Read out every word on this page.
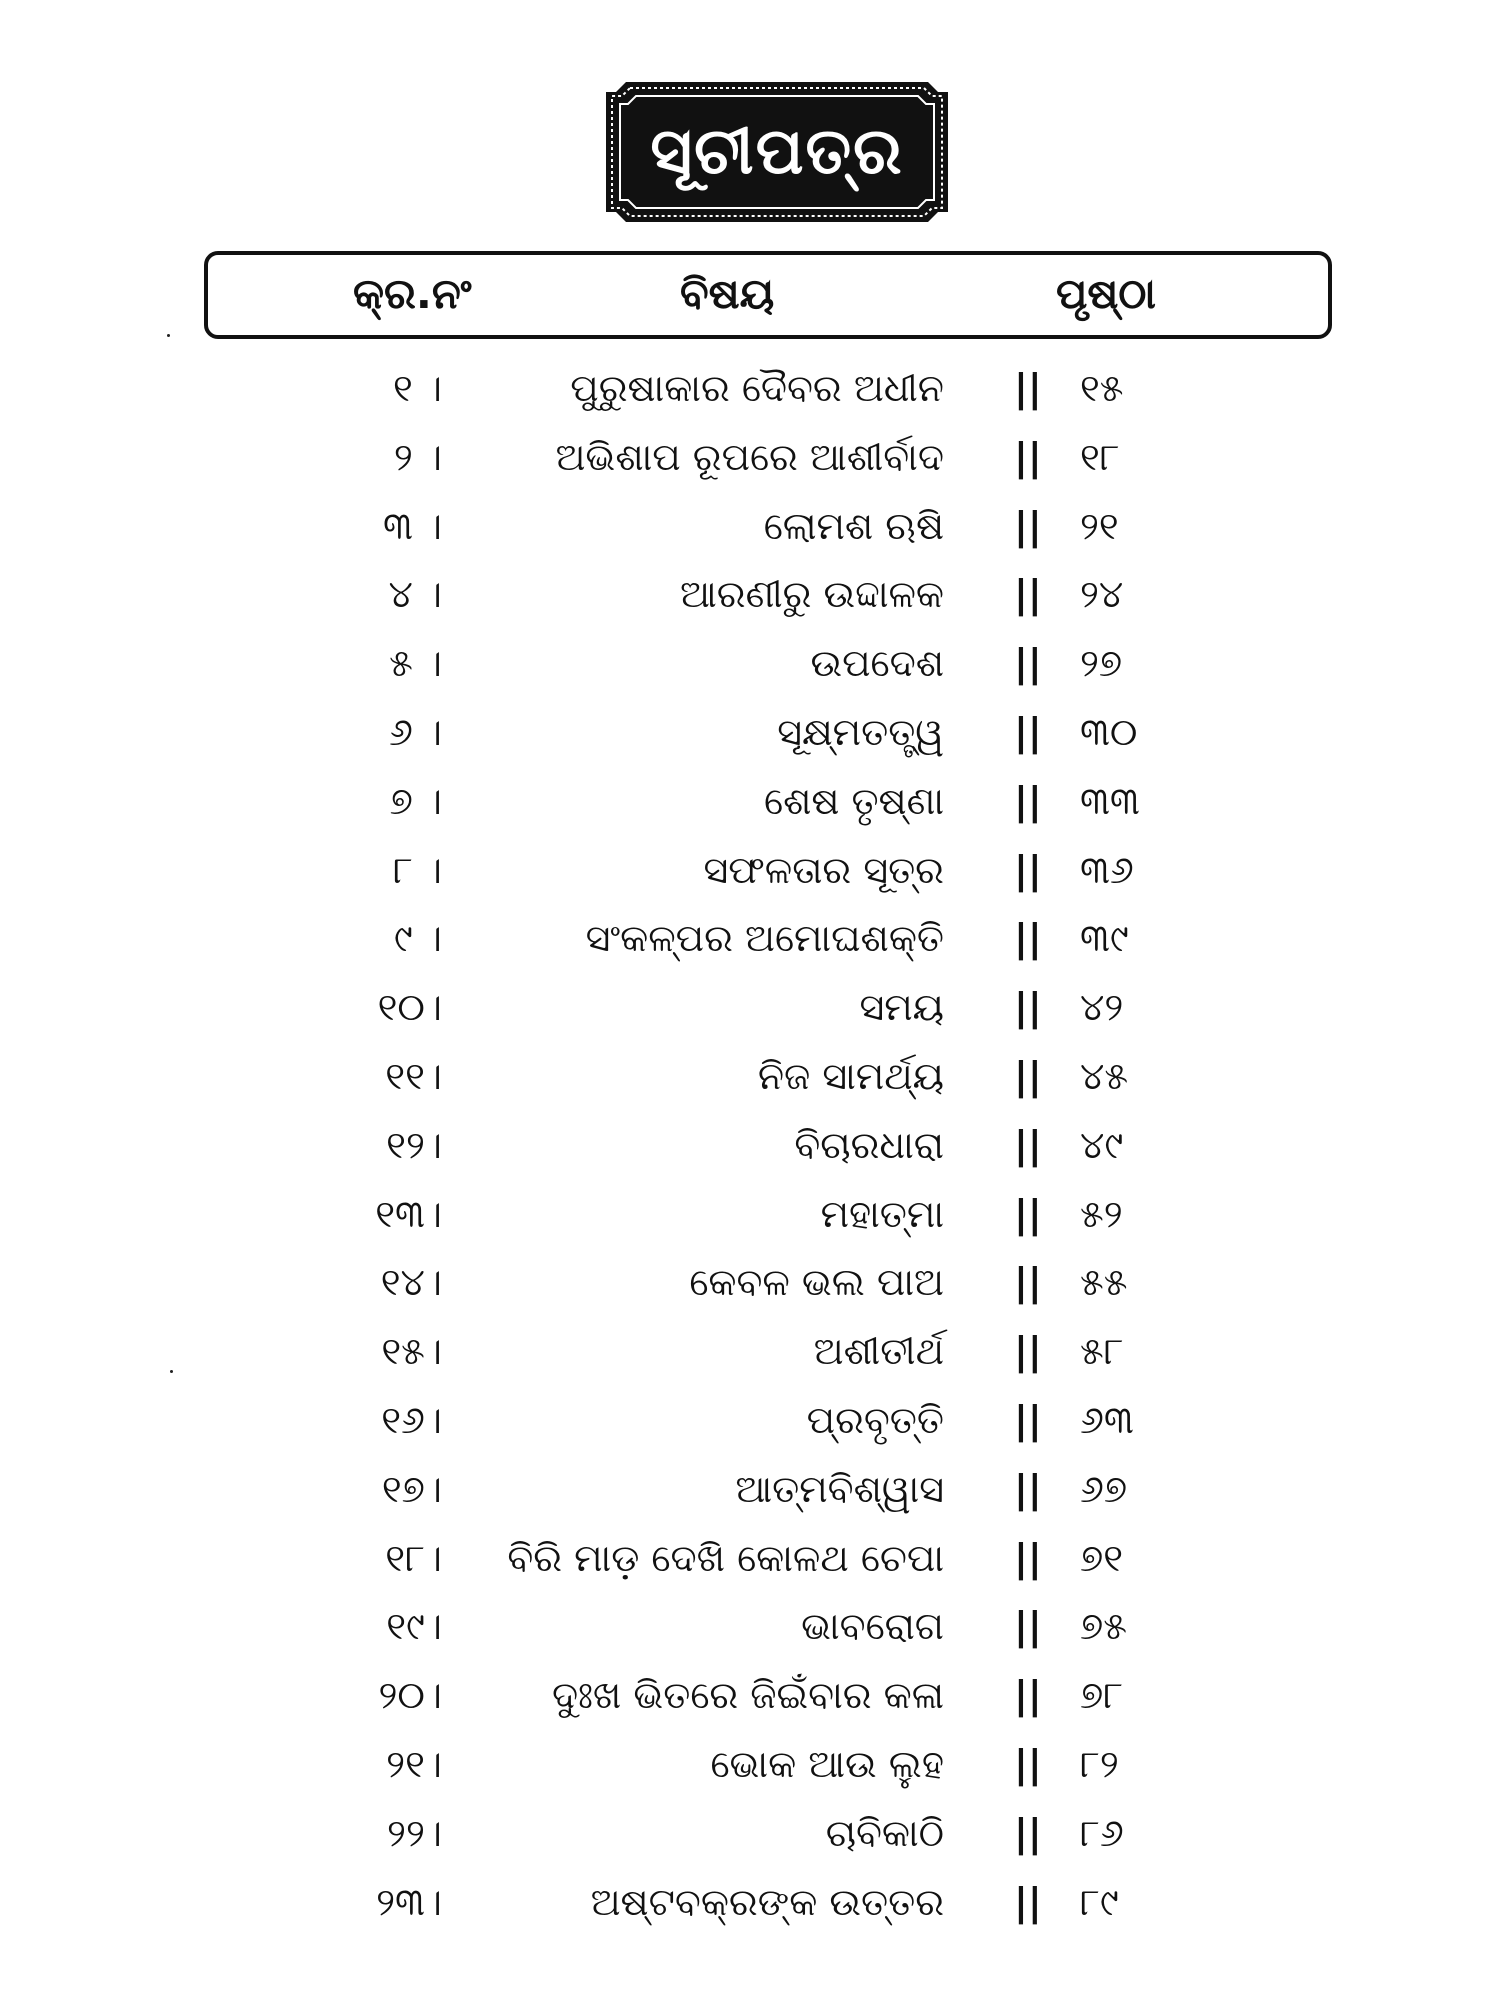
ସୂଚୀପତ୍ର
କ୍ର.ନଂ	ବିଷୟ	ପୃଷ୍ଠା
୧ ।	ପୁରୁଷାକାର ଦୈବର ଅଧୀନ || ୧୫
୨ ।	ଅଭିଶାପ ରୂପରେ ଆଶୀର୍ବାଦ || ୧୮
୩ ।	ଲୋମଶ ଋଷି || ୨୧
୪ ।	ଆରଣୀରୁ ଉଦ୍ଦାଳକ || ୨୪
୫ ।	ଉପଦେଶ || ୨୭
୬ ।	ସୂକ୍ଷ୍ମତତ୍ତ୍ୱ || ୩୦
୭ ।	ଶେଷ ତୃଷ୍ଣା || ୩୩
୮ ।	ସଫଳତାର ସୂତ୍ର || ୩୬
୯ ।	ସଂକଳ୍ପର ଅମୋଘଶକ୍ତି || ୩୯
୧୦।	ସମୟ || ୪୨
୧୧।	ନିଜ ସାମର୍ଥ୍ୟ || ୪୫
୧୨।	ବିଚାରଧାରା || ୪୯
୧୩।	ମହାତ୍ମା || ୫୨
୧୪।	କେବଳ ଭଲ ପାଅ || ୫୫
୧୫।	ଅଶୀତୀର୍ଥ || ୫୮
୧୬।	ପ୍ରବୃତ୍ତି || ୬୩
୧୭।	ଆତ୍ମବିଶ୍ୱାସ || ୬୭
୧୮। ବିରି ମାଡ଼ ଦେଖି କୋଳଥ ଚେପା || ୭୧
୧୯।	ଭାବରୋଗ || ୭୫
୨୦।	ଦୁଃଖ ଭିତରେ ଜିଇଁବାର କଳା || ୭୮
୨୧।	ଭୋକ ଆଉ ଲୁହ || ୮୨
୨୨।	ଚାବିକାଠି || ୮୬
୨୩।	ଅଷ୍ଟବକ୍ରଙ୍କ ଉତ୍ତର || ୮୯
